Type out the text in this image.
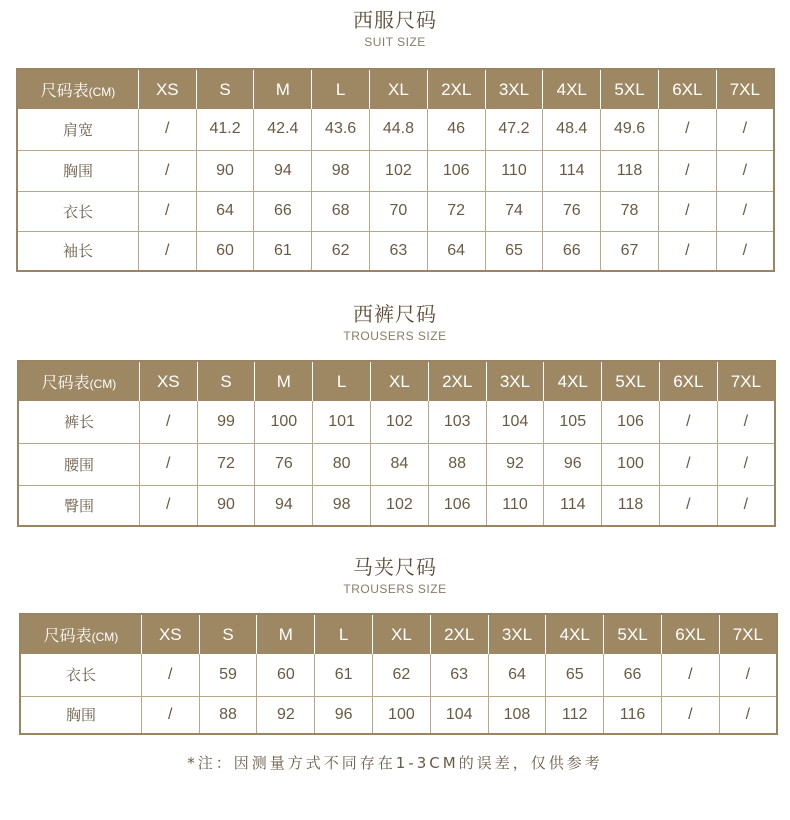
西服尺码
SUIT SIZE
尺码表(CM)	XS	S	M	L	XL	2XL	3XL	4XL	5XL	6XL	7XL
肩宽	/	41.2	42.4	43.6	44.8	46	47.2	48.4	49.6	/	/
胸围	/	90	94	98	102	106	110	114	118	/	/
衣长	/	64	66	68	70	72	74	76	78	/	/
袖长	/	60	61	62	63	64	65	66	67	/	/
西裤尺码
TROUSERS SIZE
尺码表(CM)	XS	S	M	L	XL	2XL	3XL	4XL	5XL	6XL	7XL
裤长	/	99	100	101	102	103	104	105	106	/	/
腰围	/	72	76	80	84	88	92	96	100	/	/
臀围	/	90	94	98	102	106	110	114	118	/	/
马夹尺码
TROUSERS SIZE
尺码表(CM)	XS	S	M	L	XL	2XL	3XL	4XL	5XL	6XL	7XL
衣长	/	59	60	61	62	63	64	65	66	/	/
胸围	/	88	92	96	100	104	108	112	116	/	/
*注：因测量方式不同存在1-3CM的误差，仅供参考
